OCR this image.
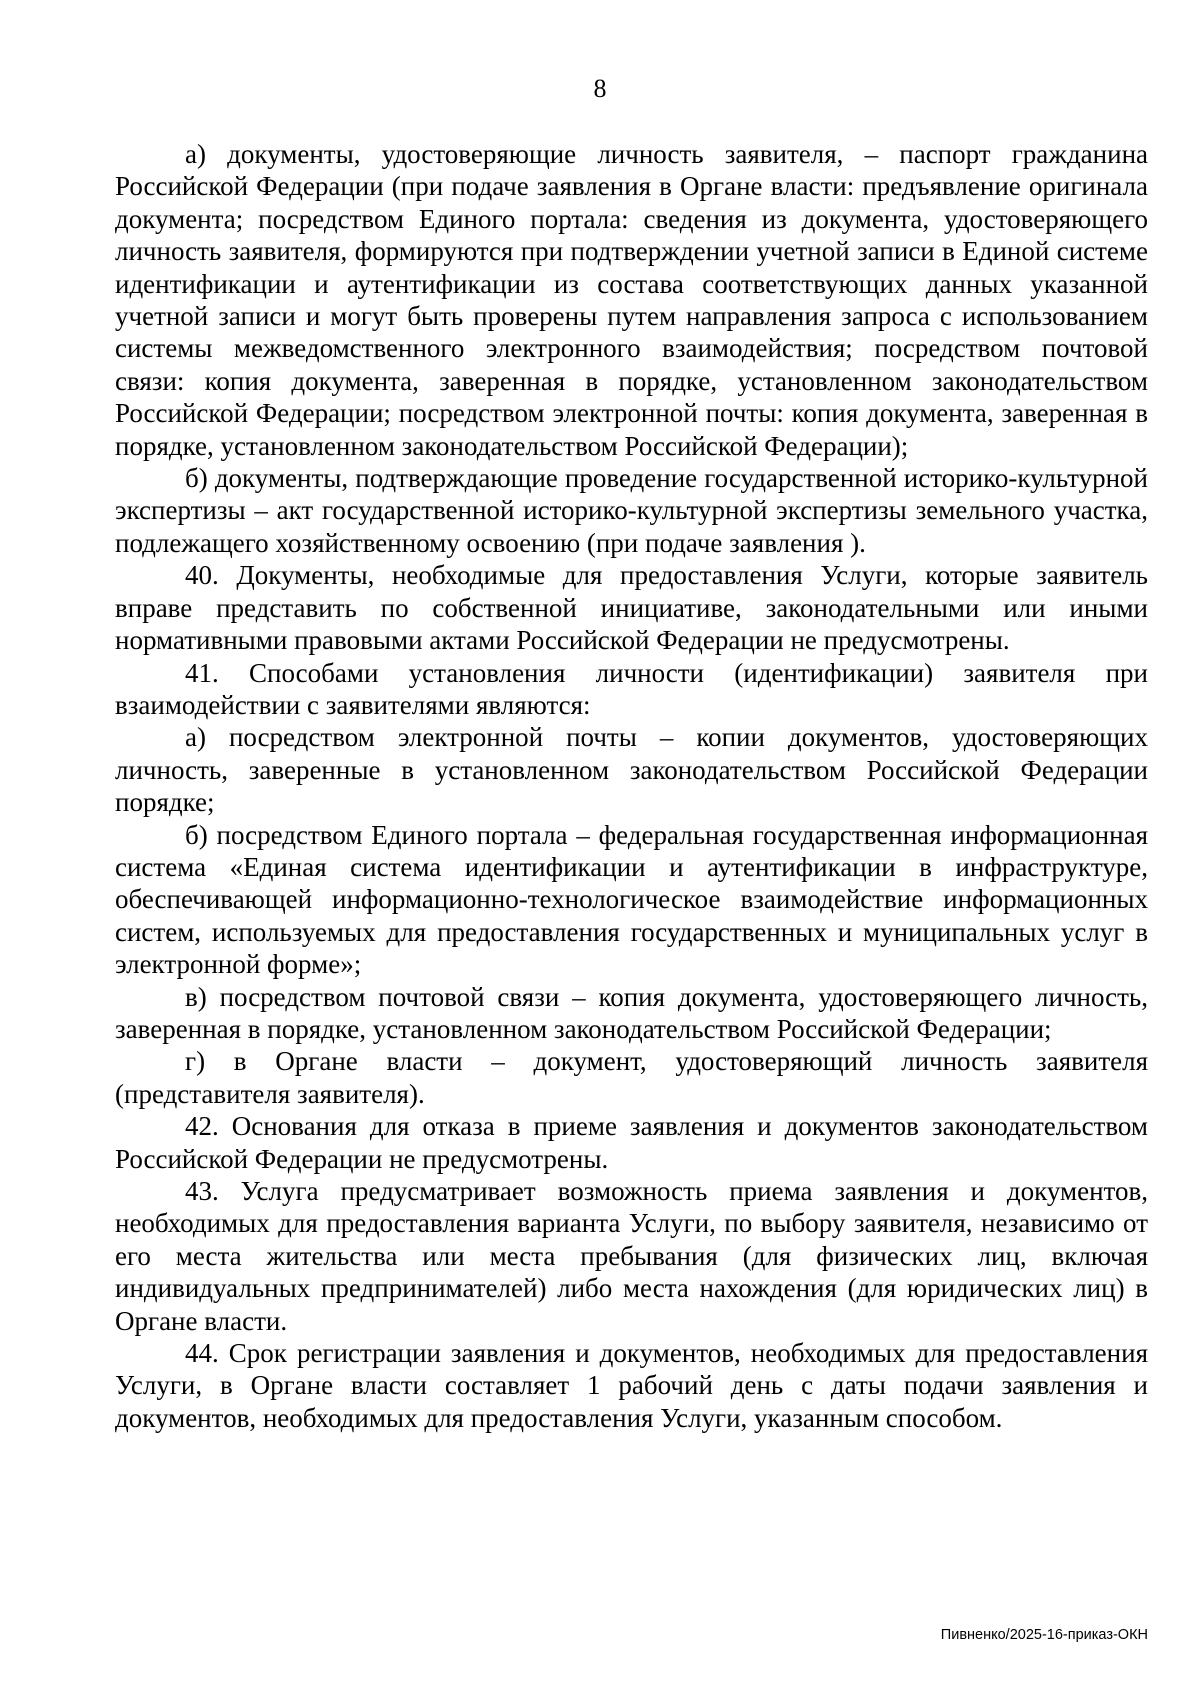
8

а) документы, удостоверяющие личность заявителя, – паспорт гражданина Российской Федерации (при подаче заявления в Органе власти: предъявление оригинала документа; посредством Единого портала: сведения из документа, удостоверяющего личность заявителя, формируются при подтверждении учетной записи в Единой системе идентификации и аутентификации из состава соответствующих данных указанной учетной записи и могут быть проверены путем направления запроса с использованием системы межведомственного электронного взаимодействия; посредством почтовой связи: копия документа, заверенная в порядке, установленном законодательством Российской Федерации; посредством электронной почты: копия документа, заверенная в порядке, установленном законодательством Российской Федерации);

б) документы, подтверждающие проведение государственной историко-культурной экспертизы – акт государственной историко-культурной экспертизы земельного участка, подлежащего хозяйственному освоению (при подаче заявления ).

40. Документы, необходимые для предоставления Услуги, которые заявитель вправе представить по собственной инициативе, законодательными или иными нормативными правовыми актами Российской Федерации не предусмотрены.

41. Способами установления личности (идентификации) заявителя при взаимодействии с заявителями являются:

а) посредством электронной почты – копии документов, удостоверяющих личность, заверенные в установленном законодательством Российской Федерации порядке;

б) посредством Единого портала – федеральная государственная информационная система «Единая система идентификации и аутентификации в инфраструктуре, обеспечивающей информационно-технологическое взаимодействие информационных систем, используемых для предоставления государственных и муниципальных услуг в электронной форме»;

в) посредством почтовой связи – копия документа, удостоверяющего личность, заверенная в порядке, установленном законодательством Российской Федерации;

г) в Органе власти – документ, удостоверяющий личность заявителя (представителя заявителя).

42. Основания для отказа в приеме заявления и документов законодательством Российской Федерации не предусмотрены.

43. Услуга предусматривает возможность приема заявления и документов, необходимых для предоставления варианта Услуги, по выбору заявителя, независимо от его места жительства или места пребывания (для физических лиц, включая индивидуальных предпринимателей) либо места нахождения (для юридических лиц) в Органе власти.

44. Срок регистрации заявления и документов, необходимых для предоставления Услуги, в Органе власти составляет 1 рабочий день с даты подачи заявления и документов, необходимых для предоставления Услуги, указанным способом.

Пивненко/2025-16-приказ-ОКН
